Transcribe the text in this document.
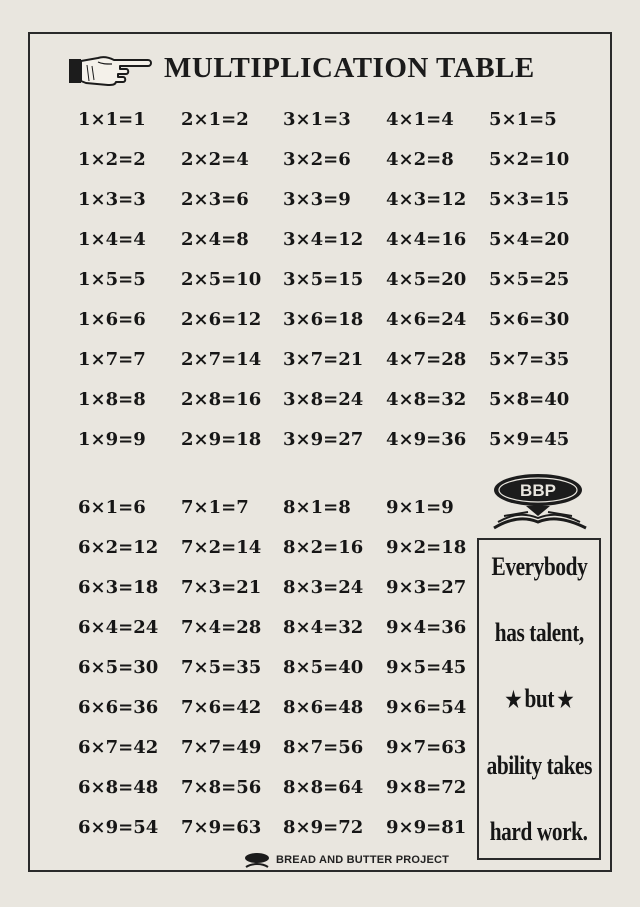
MULTIPLICATION TABLE
1×1=1
1×2=2
1×3=3
1×4=4
1×5=5
1×6=6
1×7=7
1×8=8
1×9=9
2×1=2
2×2=4
2×3=6
2×4=8
2×5=10
2×6=12
2×7=14
2×8=16
2×9=18
3×1=3
3×2=6
3×3=9
3×4=12
3×5=15
3×6=18
3×7=21
3×8=24
3×9=27
4×1=4
4×2=8
4×3=12
4×4=16
4×5=20
4×6=24
4×7=28
4×8=32
4×9=36
5×1=5
5×2=10
5×3=15
5×4=20
5×5=25
5×6=30
5×7=35
5×8=40
5×9=45
6×1=6
6×2=12
6×3=18
6×4=24
6×5=30
6×6=36
6×7=42
6×8=48
6×9=54
7×1=7
7×2=14
7×3=21
7×4=28
7×5=35
7×6=42
7×7=49
7×8=56
7×9=63
8×1=8
8×2=16
8×3=24
8×4=32
8×5=40
8×6=48
8×7=56
8×8=64
8×9=72
9×1=9
9×2=18
9×3=27
9×4=36
9×5=45
9×6=54
9×7=63
9×8=72
9×9=81
BBP
Everybody
has talent,
★ but ★
ability takes
hard work.
BREAD AND BUTTER PROJECT
